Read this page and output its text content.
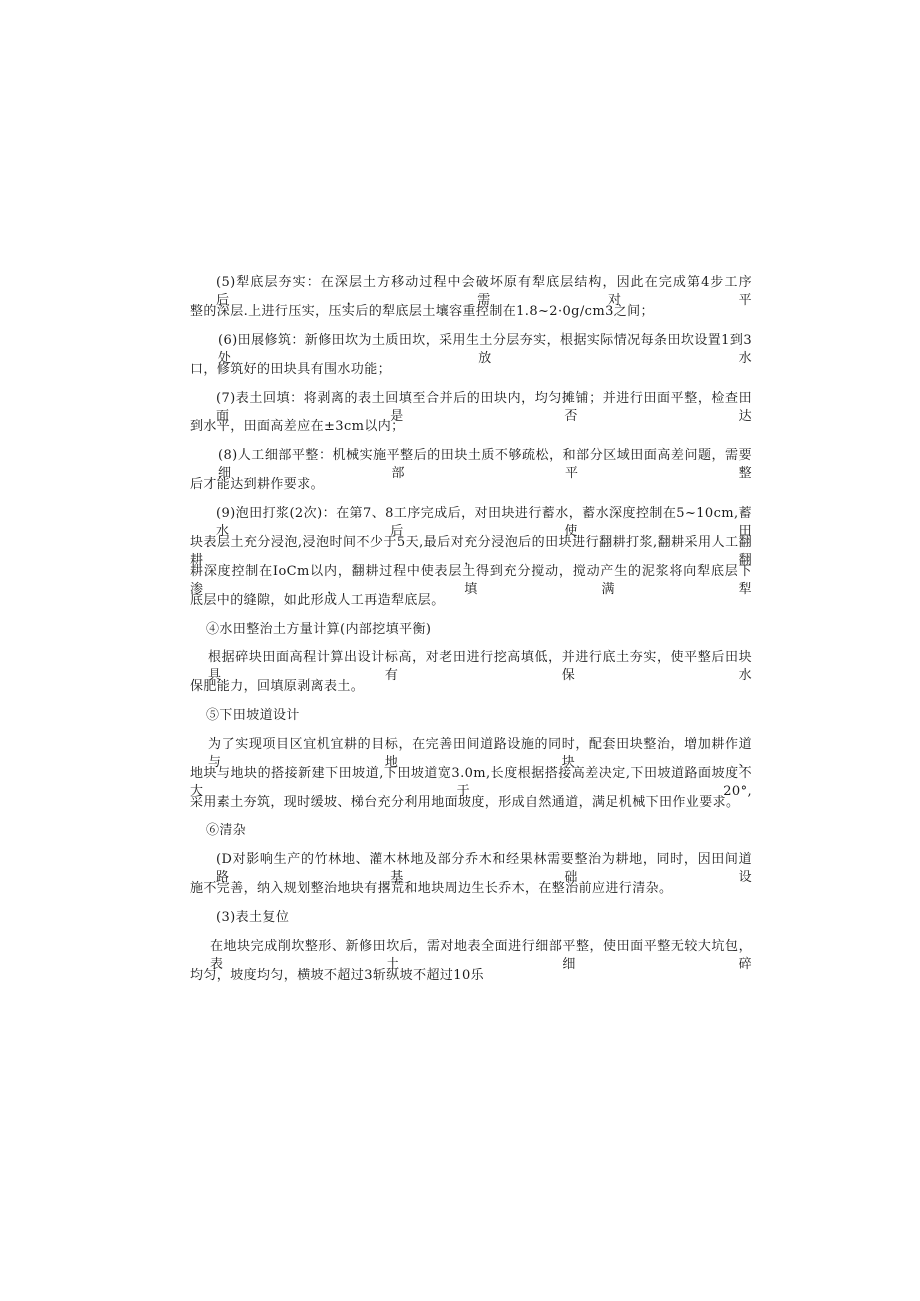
(5)犁底层夯实：在深层土方移动过程中会破坏原有犁底层结构，因此在完成第4步工序后，需对平
整的深层.上进行压实，压实后的犁底层土壤容重控制在1.8~2·0g∕cm3之间；
(6)田展修筑：新修田坎为土质田坎，采用生土分层夯实，根据实际情况每条田坎设置1到3处放水
口，修筑好的田块具有围水功能；
(7)表土回填：将剥离的表土回填至合并后的田块内，均匀摊铺；并进行田面平整，检查田面是否达
到水平，田面高差应在±3cm以内；
(8)人工细部平整：机械实施平整后的田块土质不够疏松，和部分区域田面高差问题，需要细部平整
后才能达到耕作要求。
(9)泡田打浆(2次)：在第7、8工序完成后，对田块进行蓄水，蓄水深度控制在5~10cm,蓄水后使田
块表层土充分浸泡,浸泡时间不少于5天,最后对充分浸泡后的田块进行翻耕打浆,翻耕采用人工翻耕，翻
耕深度控制在IoCm以内，翻耕过程中使表层土得到充分搅动，搅动产生的泥浆将向犁底层下渗，填满犁
底层中的缝隙，如此形成人工再造犁底层。
④水田整治土方量计算(内部挖填平衡)
根据碎块田面高程计算出设计标高，对老田进行挖高填低，并进行底土夯实，使平整后田块具有保水
保肥能力，回填原剥离表土。
⑤下田坡道设计
为了实现项目区宜机宜耕的目标，在完善田间道路设施的同时，配套田块整治，增加耕作道与地块、
地块与地块的搭接新建下田坡道,下田坡道宽3.0m,长度根据搭接高差决定,下田坡道路面坡度不大于20°,
采用素土夯筑，现时缓坡、梯台充分利用地面坡度，形成自然通道，满足机械下田作业要求。
⑥清杂
(D对影响生产的竹林地、灌木林地及部分乔木和经果林需要整治为耕地，同时，因田间道路基础设
施不完善，纳入规划整治地块有撂荒和地块周边生长乔木，在整治前应进行清杂。
(3)表土复位
在地块完成削坎整形、新修田坎后，需对地表全面进行细部平整，使田面平整无较大坑包，表土细碎
均匀，坡度均匀，横坡不超过3斩纵坡不超过10乐
